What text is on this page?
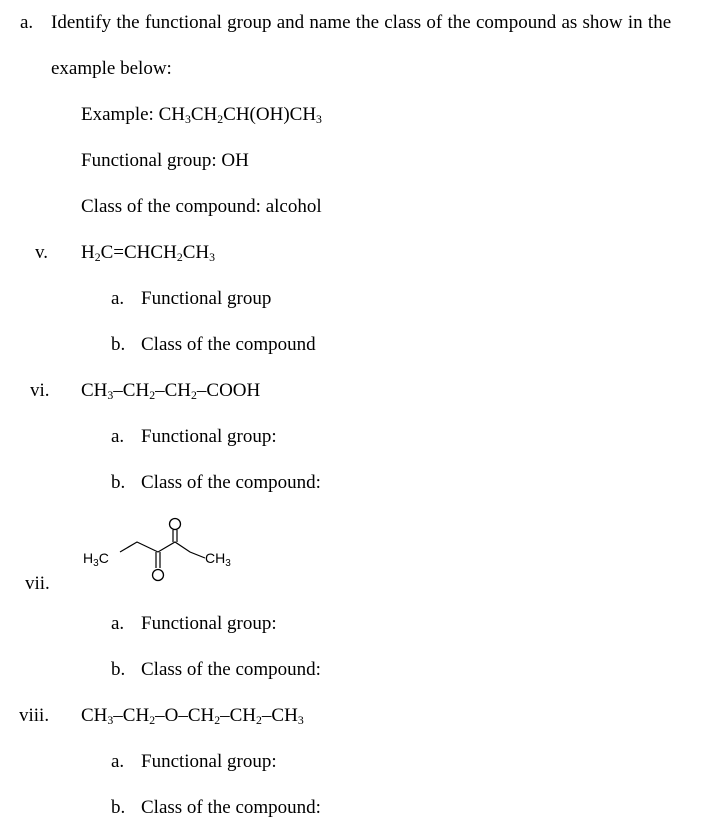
a. Identify the functional group and name the class of the compound as show in the
example below:
Example: $CH_3CH_2CH(OH)CH_3$
Functional group: OH
Class of the compound: alcohol
v. $H_2C=CHCH_2CH_3$
a. Functional group
b. Class of the compound
vi. $CH_3-CH_2-CH_2$–COOH
a. Functional group:
b. Class of the compound:
vii.
$H_3C$	$CH_3$
a. Functional group:
b. Class of the compound:
viii. $CH_3-CH_2-O-CH_2-CH_2-CH_3$
a. Functional group:
b. Class of the compound:
